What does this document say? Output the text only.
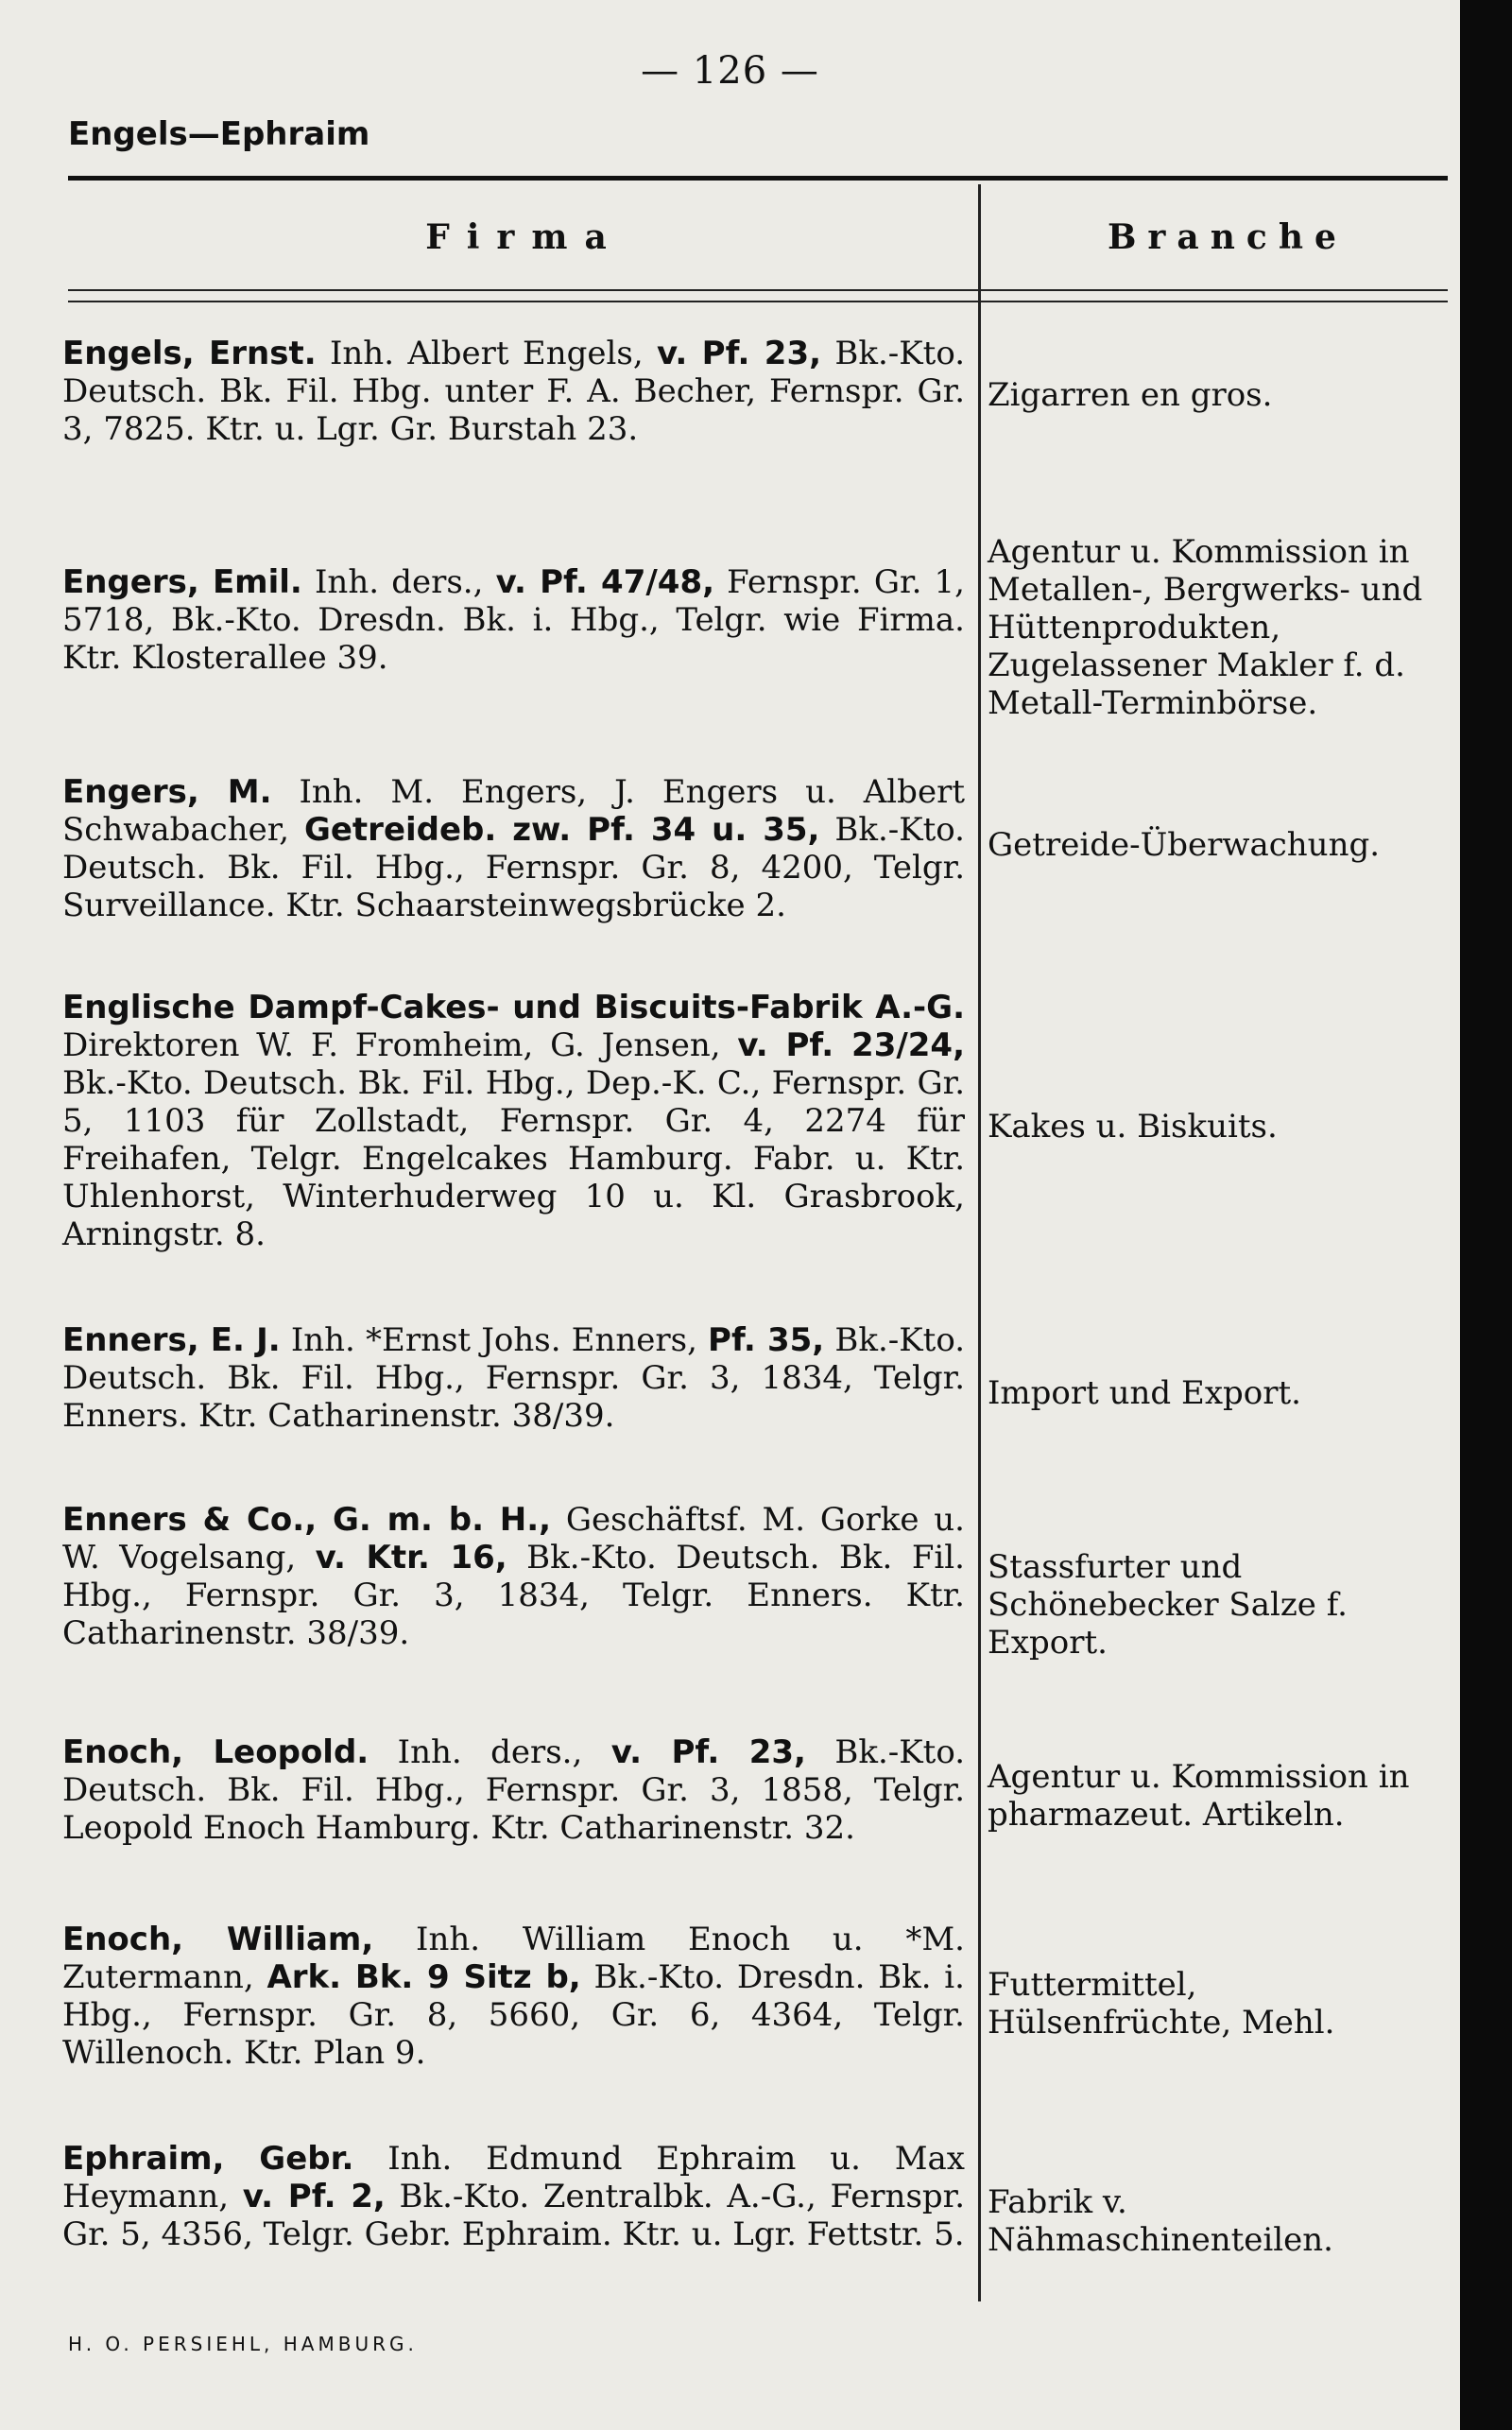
— 126 —
Engels—Ephraim
Firma	Branche
Engels, Ernst. Inh. Albert Engels, v. Pf. 23, Bk.-Kto. Deutsch. Bk. Fil. Hbg. unter F. A. Becher, Fernspr. Gr. 3, 7825. Ktr. u. Lgr. Gr. Burstah 23.
Zigarren en gros.
Engers, Emil. Inh. ders., v. Pf. 47/48, Fernspr. Gr. 1, 5718, Bk.-Kto. Dresdn. Bk. i. Hbg., Telgr. wie Firma. Ktr. Klosterallee 39.
Agentur u. Kommission in Metallen-, Bergwerks- und Hüttenprodukten, Zugelassener Makler f. d. Metall-Terminbörse.
Engers, M. Inh. M. Engers, J. Engers u. Albert Schwabacher, Getreideb. zw. Pf. 34 u. 35, Bk.-Kto. Deutsch. Bk. Fil. Hbg., Fernspr. Gr. 8, 4200, Telgr. Surveillance. Ktr. Schaarsteinwegsbrücke 2.
Getreide-Überwachung.
Englische Dampf-Cakes- und Biscuits-Fabrik A.-G. Direktoren W. F. Fromheim, G. Jensen, v. Pf. 23/24, Bk.-Kto. Deutsch. Bk. Fil. Hbg., Dep.-K. C., Fernspr. Gr. 5, 1103 für Zollstadt, Fernspr. Gr. 4, 2274 für Freihafen, Telgr. Engelcakes Hamburg. Fabr. u. Ktr. Uhlenhorst, Winterhuderweg 10 u. Kl. Grasbrook, Arningstr. 8.
Kakes u. Biskuits.
Enners, E. J. Inh. *Ernst Johs. Enners, Pf. 35, Bk.-Kto. Deutsch. Bk. Fil. Hbg., Fernspr. Gr. 3, 1834, Telgr. Enners. Ktr. Catharinenstr. 38/39.
Import und Export.
Enners & Co., G. m. b. H., Geschäftsf. M. Gorke u. W. Vogelsang, v. Ktr. 16, Bk.-Kto. Deutsch. Bk. Fil. Hbg., Fernspr. Gr. 3, 1834, Telgr. Enners. Ktr. Catharinenstr. 38/39.
Stassfurter und Schönebecker Salze f. Export.
Enoch, Leopold. Inh. ders., v. Pf. 23, Bk.-Kto. Deutsch. Bk. Fil. Hbg., Fernspr. Gr. 3, 1858, Telgr. Leopold Enoch Hamburg. Ktr. Catharinenstr. 32.
Agentur u. Kommission in pharmazeut. Artikeln.
Enoch, William, Inh. William Enoch u. *M. Zutermann, Ark. Bk. 9 Sitz b, Bk.-Kto. Dresdn. Bk. i. Hbg., Fernspr. Gr. 8, 5660, Gr. 6, 4364, Telgr. Willenoch. Ktr. Plan 9.
Futtermittel, Hülsenfrüchte, Mehl.
Ephraim, Gebr. Inh. Edmund Ephraim u. Max Heymann, v. Pf. 2, Bk.-Kto. Zentralbk. A.-G., Fernspr. Gr. 5, 4356, Telgr. Gebr. Ephraim. Ktr. u. Lgr. Fettstr. 5.
Fabrik v. Nähmaschinenteilen.
H. O. PERSIEHL, HAMBURG.
